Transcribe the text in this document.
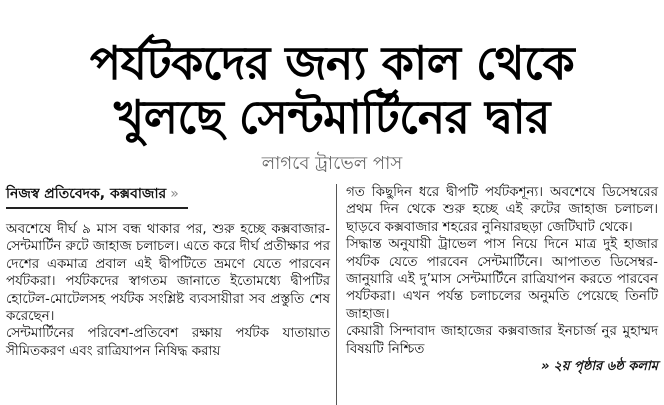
পর্যটকদের জন্য কাল থেকে
খুলছে সেন্টমার্টিনের দ্বার
লাগবে ট্রাভেল পাস
নিজস্ব প্রতিবেদক, কক্সবাজার »

অবশেষে দীর্ঘ ৯ মাস বন্ধ থাকার পর, শুরু হচ্ছে কক্সবাজার-সেন্টমার্টিন রুটে জাহাজ চলাচল। এতে করে দীর্ঘ প্রতীক্ষার পর দেশের একমাত্র প্রবাল এই দ্বীপটিতে ভ্রমণে যেতে পারবেন পর্যটকরা। পর্যটকদের স্বাগতম জানাতে ইতোমধ্যে দ্বীপটির হোটেল-মোটেলসহ পর্যটক সংশ্লিষ্ট ব্যবসায়ীরা সব প্রস্তুতি শেষ করেছেন।

সেন্টমার্টিনের পরিবেশ-প্রতিবেশ রক্ষায় পর্যটক যাতায়াত সীমিতকরণ এবং রাত্রিযাপন নিষিদ্ধ করায়

গত কিছুদিন ধরে দ্বীপটি পর্যটকশূন্য। অবশেষে ডিসেম্বরের প্রথম দিন থেকে শুরু হচ্ছে এই রুটের জাহাজ চলাচল। ছাড়বে কক্সবাজার শহরের নুনিয়ারছড়া জেটিঘাট থেকে।

সিদ্ধান্ত অনুযায়ী ট্রাভেল পাস নিয়ে দিনে মাত্র দুই হাজার পর্যটক যেতে পারবেন সেন্টমার্টিনে। আপাতত ডিসেম্বর-জানুয়ারি এই দু’মাস সেন্টমার্টিনে রাত্রিযাপন করতে পারবেন পর্যটকরা। এখন পর্যন্ত চলাচলের অনুমতি পেয়েছে তিনটি জাহাজ।

কেয়ারী সিন্দাবাদ জাহাজের কক্সবাজার ইনচার্জ নুর মুহাম্মদ বিষয়টি নিশ্চিত

» ২য় পৃষ্ঠার ৬ষ্ঠ কলাম
